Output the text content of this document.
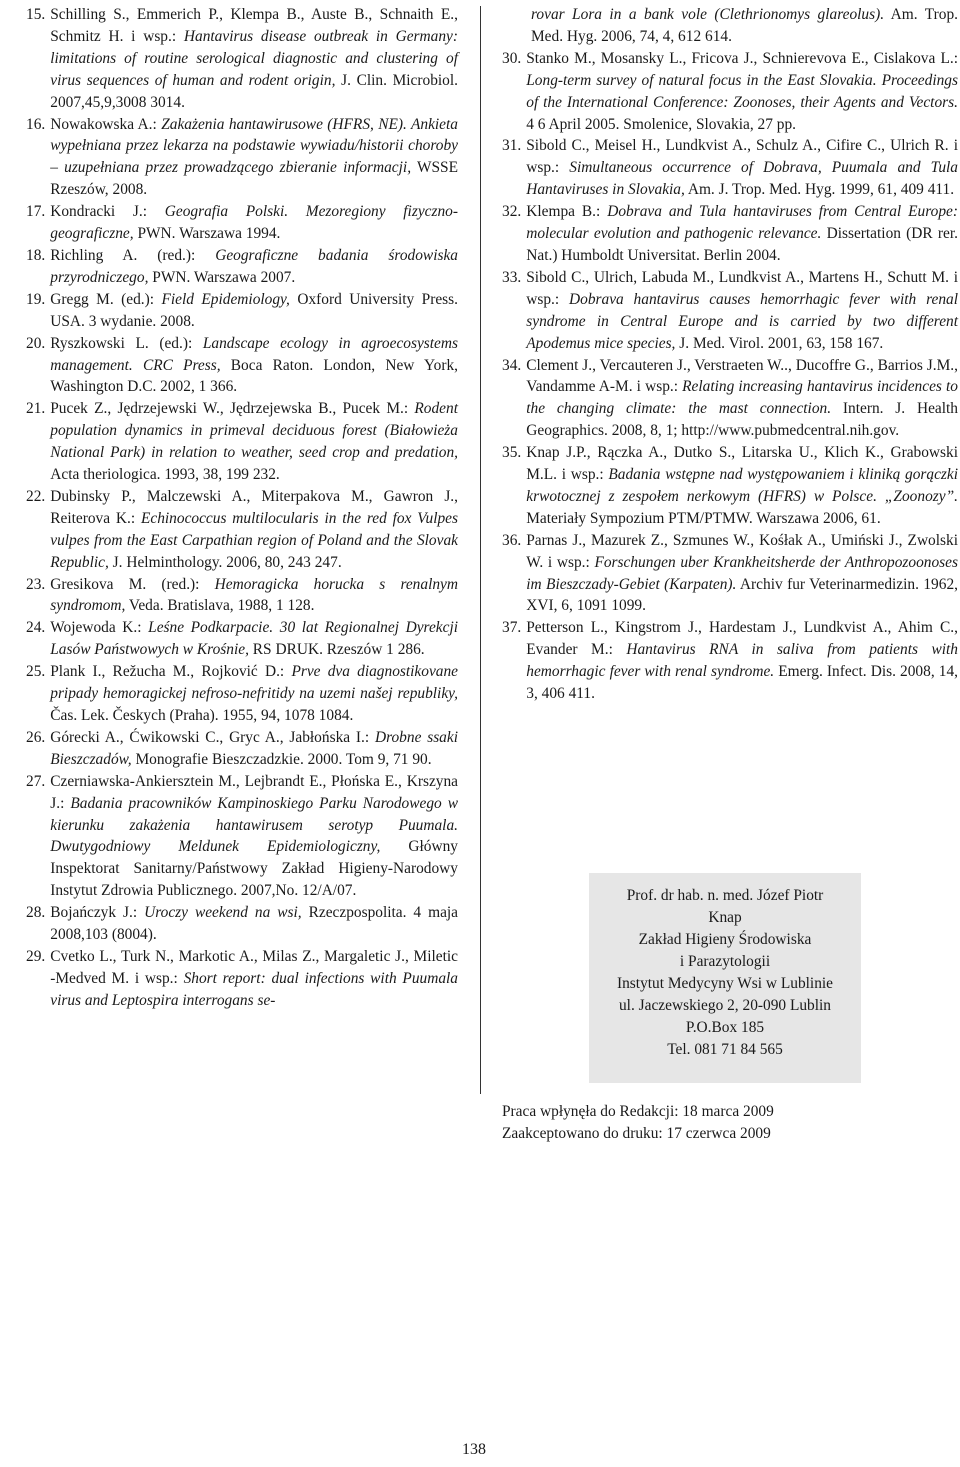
15. Schilling S., Emmerich P., Klempa B., Auste B., Schnaith E., Schmitz H. i wsp.: Hantavirus disease outbreak in Germany: limitations of routine serological diagnostic and clustering of virus sequences of human and rodent origin, J. Clin. Microbiol. 2007,45,9,3008 3014.
16. Nowakowska A.: Zakażenia hantawirusowe (HFRS, NE). Ankieta wypełniana przez lekarza na podstawie wywiadu/historii choroby – uzupełniana przez prowadzącego zbieranie informacji, WSSE Rzeszów, 2008.
17. Kondracki J.: Geografia Polski. Mezoregiony fizyczno-geograficzne, PWN. Warszawa 1994.
18. Richling A. (red.): Geograficzne badania środowiska przyrodniczego, PWN. Warszawa 2007.
19. Gregg M. (ed.): Field Epidemiology, Oxford University Press. USA. 3 wydanie. 2008.
20. Ryszkowski L. (ed.): Landscape ecology in agroecosystems management. CRC Press, Boca Raton. London, New York, Washington D.C. 2002, 1 366.
21. Pucek Z., Jędrzejewski W., Jędrzejewska B., Pucek M.: Rodent population dynamics in primeval deciduous forest (Białowieża National Park) in relation to weather, seed crop and predation, Acta theriologica. 1993, 38, 199 232.
22. Dubinsky P., Malczewski A., Miterpakova M., Gawron J., Reiterova K.: Echinococcus multilocularis in the red fox Vulpes vulpes from the East Carpathian region of Poland and the Slovak Republic, J. Helminthology. 2006, 80, 243 247.
23. Gresikova M. (red.): Hemoragicka horucka s renalnym syndromom, Veda. Bratislava, 1988, 1 128.
24. Wojewoda K.: Leśne Podkarpacie. 30 lat Regionalnej Dyrekcji Lasów Państwowych w Krośnie, RS DRUK. Rzeszów 1 286.
25. Plank I., Režucha M., Rojković D.: Prve dva diagnostikovane pripady hemoragickej nefroso-nefritidy na uzemi našej republiky, Čas. Lek. Českych (Praha). 1955, 94, 1078 1084.
26. Górecki A., Ćwikowski C., Gryc A., Jabłońska I.: Drobne ssaki Bieszczadów, Monografie Bieszczadzkie. 2000. Tom 9, 71 90.
27. Czerniawska-Ankiersztein M., Lejbrandt E., Płońska E., Krszyna J.: Badania pracowników Kampinoskiego Parku Narodowego w kierunku zakażenia hantawirusem serotyp Puumala. Dwutygodniowy Meldunek Epidemiologiczny, Główny Inspektorat Sanitarny/Państwowy Zakład Higieny-Narodowy Instytut Zdrowia Publicznego. 2007,No. 12/A/07.
28. Bojańczyk J.: Uroczy weekend na wsi, Rzeczpospolita. 4 maja 2008,103 (8004).
29. Cvetko L., Turk N., Markotic A., Milas Z., Margaletic J., Miletic -Medved M. i wsp.: Short report: dual infections with Puumala virus and Leptospira interrogans se-
rovar Lora in a bank vole (Clethrionomys glareolus). Am. Trop. Med. Hyg. 2006, 74, 4, 612 614.
30. Stanko M., Mosansky L., Fricova J., Schnierevova E., Cislakova L.: Long-term survey of natural focus in the East Slovakia. Proceedings of the International Conference: Zoonoses, their Agents and Vectors. 4 6 April 2005. Smolenice, Slovakia, 27 pp.
31. Sibold C., Meisel H., Lundkvist A., Schulz A., Cifire C., Ulrich R. i wsp.: Simultaneous occurrence of Dobrava, Puumala and Tula Hantaviruses in Slovakia, Am. J. Trop. Med. Hyg. 1999, 61, 409 411.
32. Klempa B.: Dobrava and Tula hantaviruses from Central Europe: molecular evolution and pathogenic relevance. Dissertation (DR rer. Nat.) Humboldt Universitat. Berlin 2004.
33. Sibold C., Ulrich, Labuda M., Lundkvist A., Martens H., Schutt M. i wsp.: Dobrava hantavirus causes hemorrhagic fever with renal syndrome in Central Europe and is carried by two different Apodemus mice species, J. Med. Virol. 2001, 63, 158 167.
34. Clement J., Vercauteren J., Verstraeten W.., Ducoffre G., Barrios J.M., Vandamme A-M. i wsp.: Relating increasing hantavirus incidences to the changing climate: the mast connection. Intern. J. Health Geographics. 2008, 8, 1; http://www.pubmedcentral.nih.gov.
35. Knap J.P., Rączka A., Dutko S., Litarska U., Klich K., Grabowski M.L. i wsp.: Badania wstępne nad występowaniem i kliniką gorączki krwotocznej z zespołem nerkowym (HFRS) w Polsce. „Zoonozy”. Materiały Sympozium PTM/PTMW. Warszawa 2006, 61.
36. Parnas J., Mazurek Z., Szmunes W., Kośłak A., Umiński J., Zwolski W. i wsp.: Forschungen uber Krankheitsherde der Anthropozoonoses im Bieszczady-Gebiet (Karpaten). Archiv fur Veterinarmedizin. 1962, XVI, 6, 1091 1099.
37. Petterson L., Kingstrom J., Hardestam J., Lundkvist A., Ahim C., Evander M.: Hantavirus RNA in saliva from patients with hemorrhagic fever with renal syndrome. Emerg. Infect. Dis. 2008, 14, 3, 406 411.
Prof. dr hab. n. med. Józef Piotr
Knap
Zakład Higieny Środowiska
i Parazytologii
Instytut Medycyny Wsi w Lublinie
ul. Jaczewskiego 2, 20-090 Lublin
P.O.Box 185
Tel. 081 71 84 565
Praca wpłynęła do Redakcji: 18 marca 2009
Zaakceptowano do druku: 17 czerwca 2009
138
